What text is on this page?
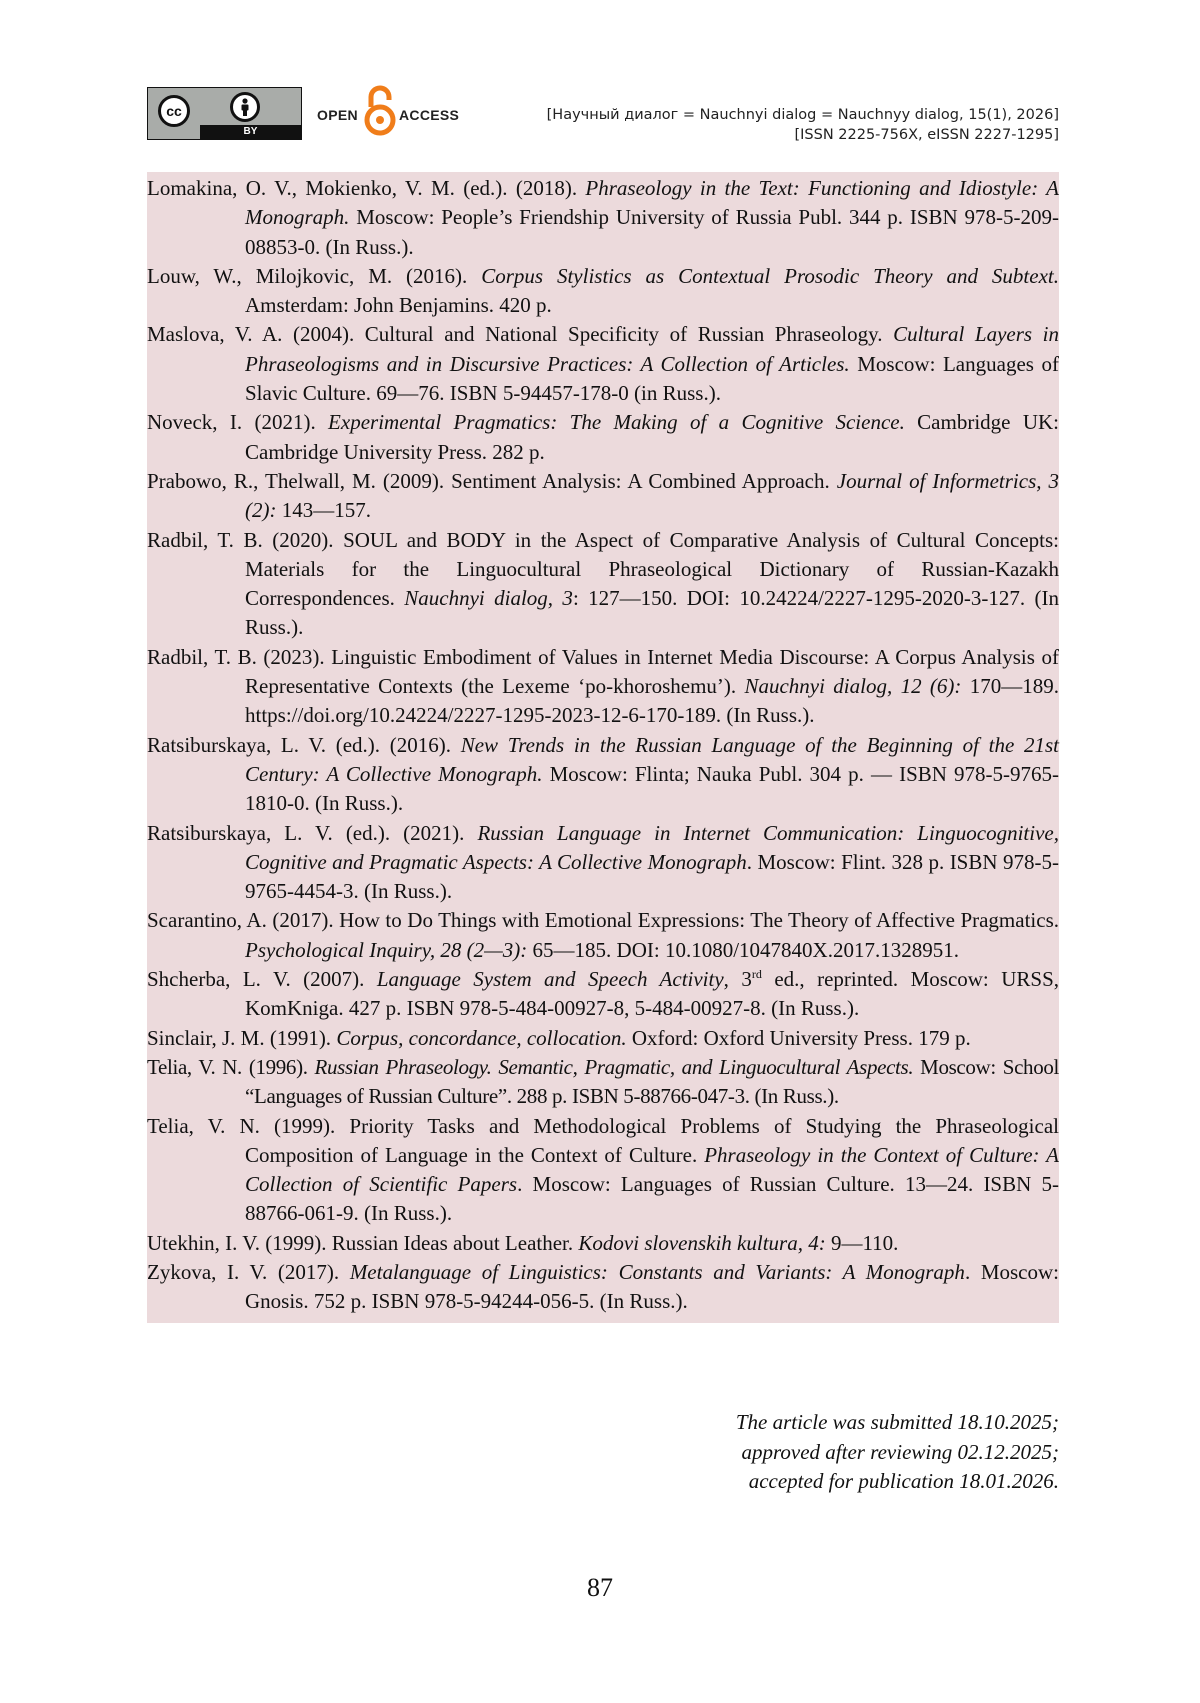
cc
BY
OPEN	ACCESS	[Научный диалог = Nauchnyi dialog = Nauchnyy dialog, 15(1), 2026]
[ISSN 2225-756X, eISSN 2227-1295]

Lomakina, O. V., Mokienko, V. M. (ed.). (2018). Phraseology in the Text: Functioning and Idiostyle: A Monograph. Moscow: People’s Friendship University of Russia Publ. 344 p. ISBN 978-5-209-08853-0. (In Russ.).

Louw, W., Milojkovic, M. (2016). Corpus Stylistics as Contextual Prosodic Theory and Subtext. Amsterdam: John Benjamins. 420 p.

Maslova, V. A. (2004). Cultural and National Specificity of Russian Phraseology. Cultural Layers in Phraseologisms and in Discursive Practices: A Collection of Articles. Moscow: Languages of Slavic Culture. 69—76. ISBN 5-94457-178-0 (in Russ.).

Noveck, I. (2021). Experimental Pragmatics: The Making of a Cognitive Science. Cambridge UK: Cambridge University Press. 282 p.

Prabowo, R., Thelwall, M. (2009). Sentiment Analysis: A Combined Approach. Journal of Informetrics, 3 (2): 143—157.

Radbil, T. B. (2020). SOUL and BODY in the Aspect of Comparative Analysis of Cultural Concepts: Materials for the Linguocultural Phraseological Dictionary of Russian-Kazakh Correspondences. Nauchnyi dialog, 3: 127—150. DOI: 10.24224/2227-1295-2020-3-127. (In Russ.).

Radbil, T. B. (2023). Linguistic Embodiment of Values in Internet Media Discourse: A Corpus Analysis of Representative Contexts (the Lexeme ‘po-khoroshemu’). Nauchnyi dialog, 12 (6): 170—189. https://doi.org/10.24224/2227-1295-2023-12-6-170-189. (In Russ.).

Ratsiburskaya, L. V. (ed.). (2016). New Trends in the Russian Language of the Beginning of the 21st Century: A Collective Monograph. Moscow: Flinta; Nauka Publ. 304 p. — ISBN 978-5-9765-1810-0. (In Russ.).

Ratsiburskaya, L. V. (ed.). (2021). Russian Language in Internet Communication: Linguocognitive, Cognitive and Pragmatic Aspects: A Collective Monograph. Moscow: Flint. 328 p. ISBN 978-5-9765-4454-3. (In Russ.).

Scarantino, A. (2017). How to Do Things with Emotional Expressions: The Theory of Affective Pragmatics. Psychological Inquiry, 28 (2—3): 65—185. DOI: 10.1080/1047840X.2017.1328951.

Shcherba, L. V. (2007). Language System and Speech Activity, 3rd ed., reprinted. Moscow: URSS, KomKniga. 427 p. ISBN 978-5-484-00927-8, 5-484-00927-8. (In Russ.).

Sinclair, J. M. (1991). Corpus, concordance, collocation. Oxford: Oxford University Press. 179 p.

Telia, V. N. (1996). Russian Phraseology. Semantic, Pragmatic, and Linguocultural Aspects. Moscow: School “Languages of Russian Culture”. 288 p. ISBN 5-88766-047-3. (In Russ.).

Telia, V. N. (1999). Priority Tasks and Methodological Problems of Studying the Phraseological Composition of Language in the Context of Culture. Phraseology in the Context of Culture: A Collection of Scientific Papers. Moscow: Languages of Russian Culture. 13—24. ISBN 5-88766-061-9. (In Russ.).

Utekhin, I. V. (1999). Russian Ideas about Leather. Kodovi slovenskih kultura, 4: 9—110.

Zykova, I. V. (2017). Metalanguage of Linguistics: Constants and Variants: A Monograph. Moscow: Gnosis. 752 p. ISBN 978-5-94244-056-5. (In Russ.).

The article was submitted 18.10.2025;
approved after reviewing 02.12.2025;
accepted for publication 18.01.2026.
87
